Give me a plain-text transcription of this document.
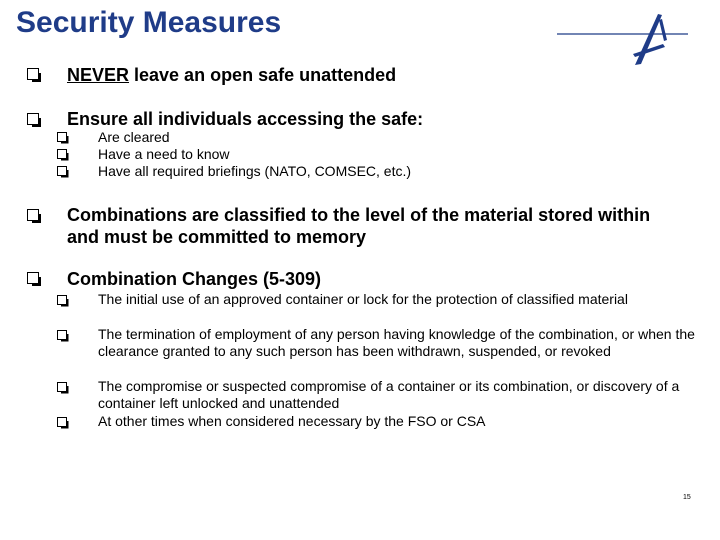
Security Measures
NEVER leave an open safe unattended
Ensure all individuals accessing the safe:
Are cleared
Have a need to know
Have all required briefings (NATO, COMSEC, etc.)
Combinations are classified to the level of the material stored within and must be committed to memory
Combination Changes (5-309)
The initial use of an approved container or lock for the protection of classified material
The termination of employment of any person having knowledge of the combination, or when the clearance granted to any such person has been withdrawn, suspended, or revoked
The compromise or suspected compromise of a container or its combination, or discovery of a container left unlocked and unattended
At other times when considered necessary by the FSO or CSA
15
